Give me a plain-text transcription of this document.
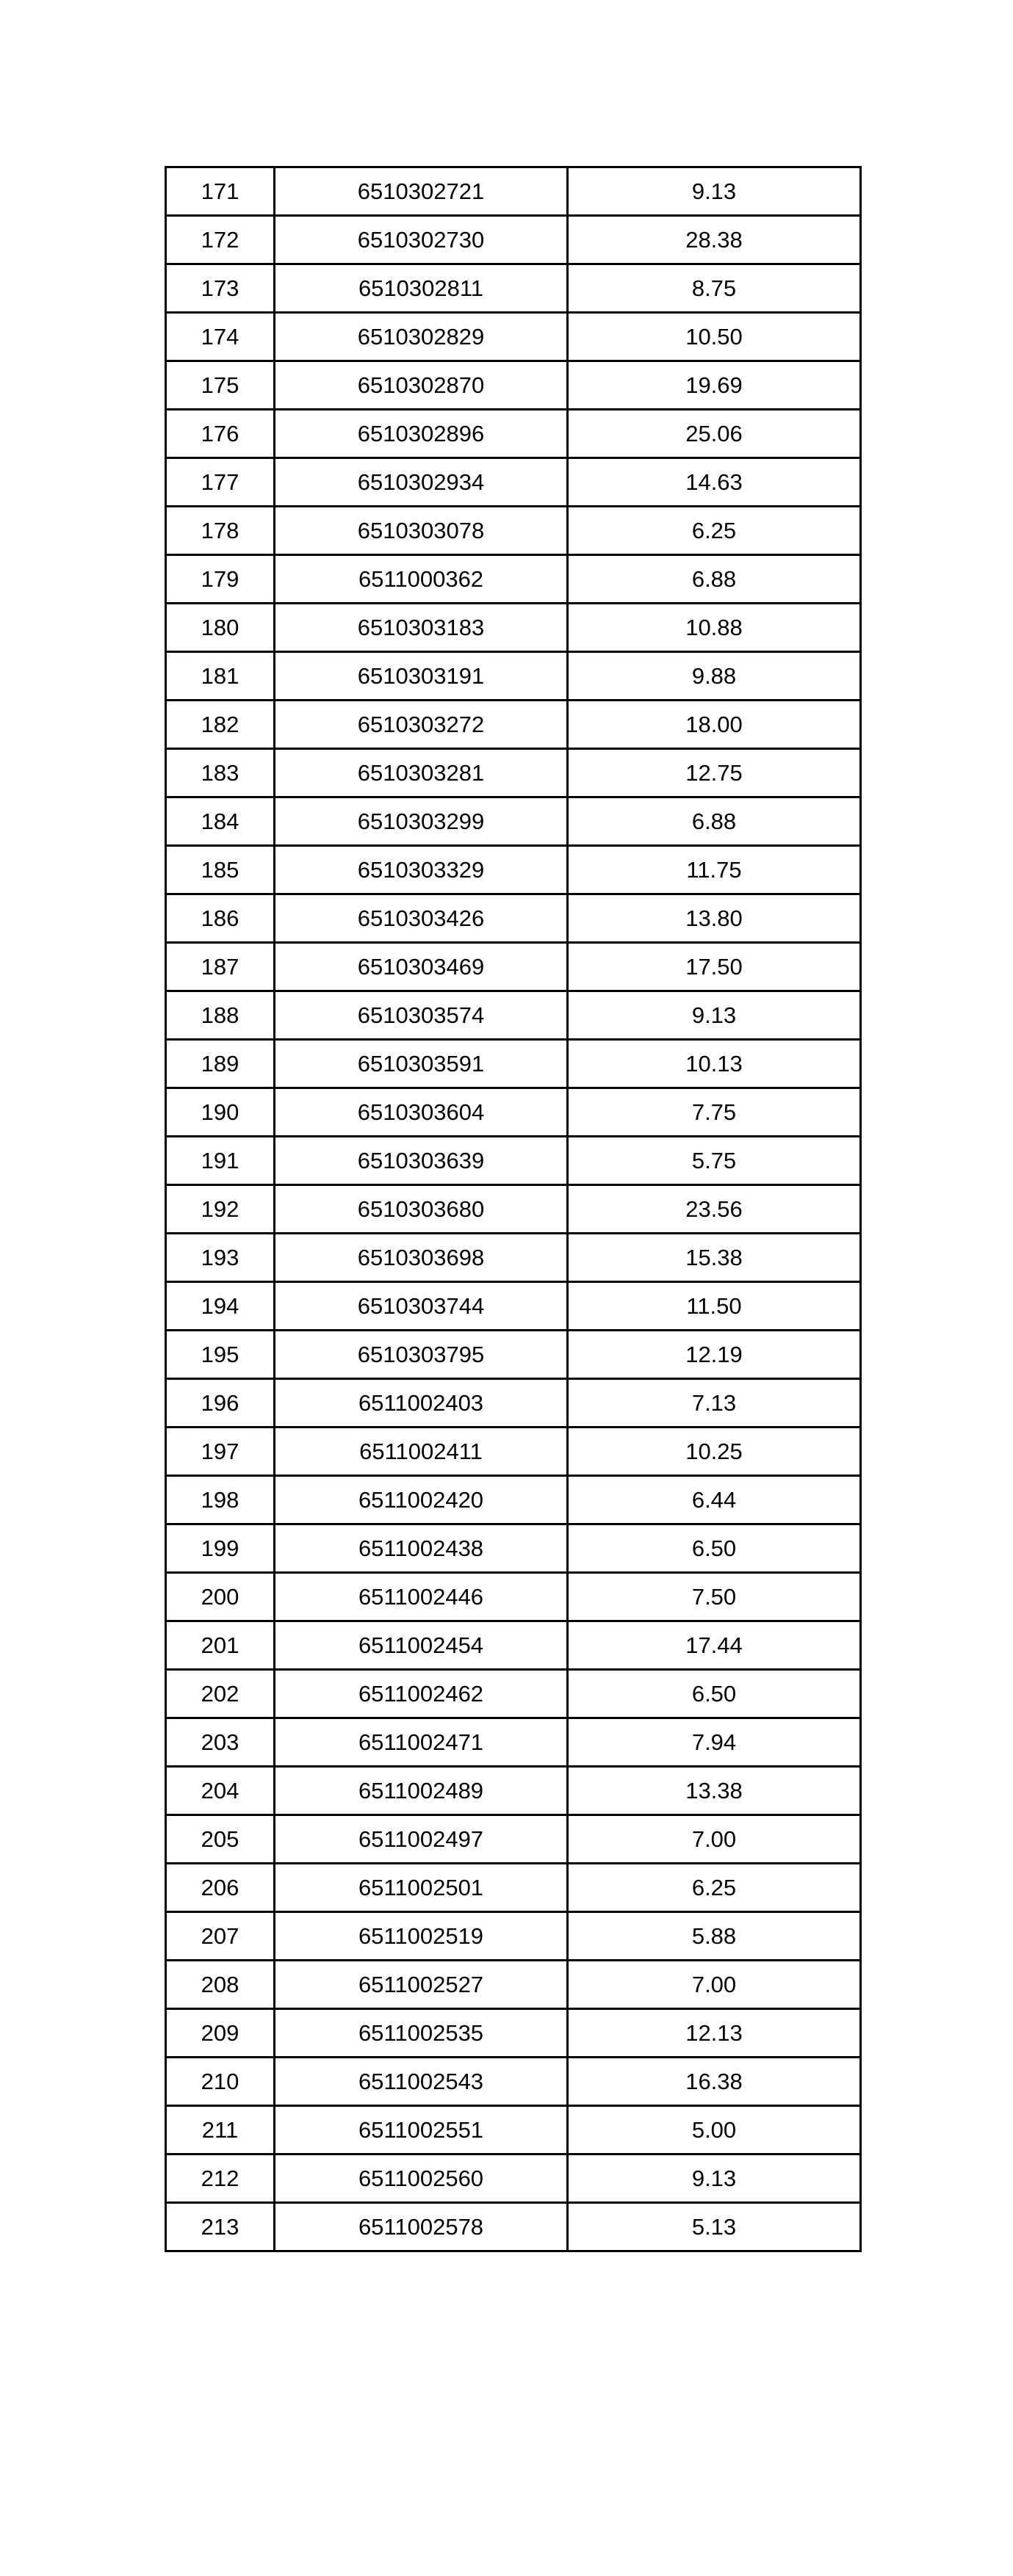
171	6510302721	9.13
172	6510302730	28.38
173	6510302811	8.75
174	6510302829	10.50
175	6510302870	19.69
176	6510302896	25.06
177	6510302934	14.63
178	6510303078	6.25
179	6511000362	6.88
180	6510303183	10.88
181	6510303191	9.88
182	6510303272	18.00
183	6510303281	12.75
184	6510303299	6.88
185	6510303329	11.75
186	6510303426	13.80
187	6510303469	17.50
188	6510303574	9.13
189	6510303591	10.13
190	6510303604	7.75
191	6510303639	5.75
192	6510303680	23.56
193	6510303698	15.38
194	6510303744	11.50
195	6510303795	12.19
196	6511002403	7.13
197	6511002411	10.25
198	6511002420	6.44
199	6511002438	6.50
200	6511002446	7.50
201	6511002454	17.44
202	6511002462	6.50
203	6511002471	7.94
204	6511002489	13.38
205	6511002497	7.00
206	6511002501	6.25
207	6511002519	5.88
208	6511002527	7.00
209	6511002535	12.13
210	6511002543	16.38
211	6511002551	5.00
212	6511002560	9.13
213	6511002578	5.13
